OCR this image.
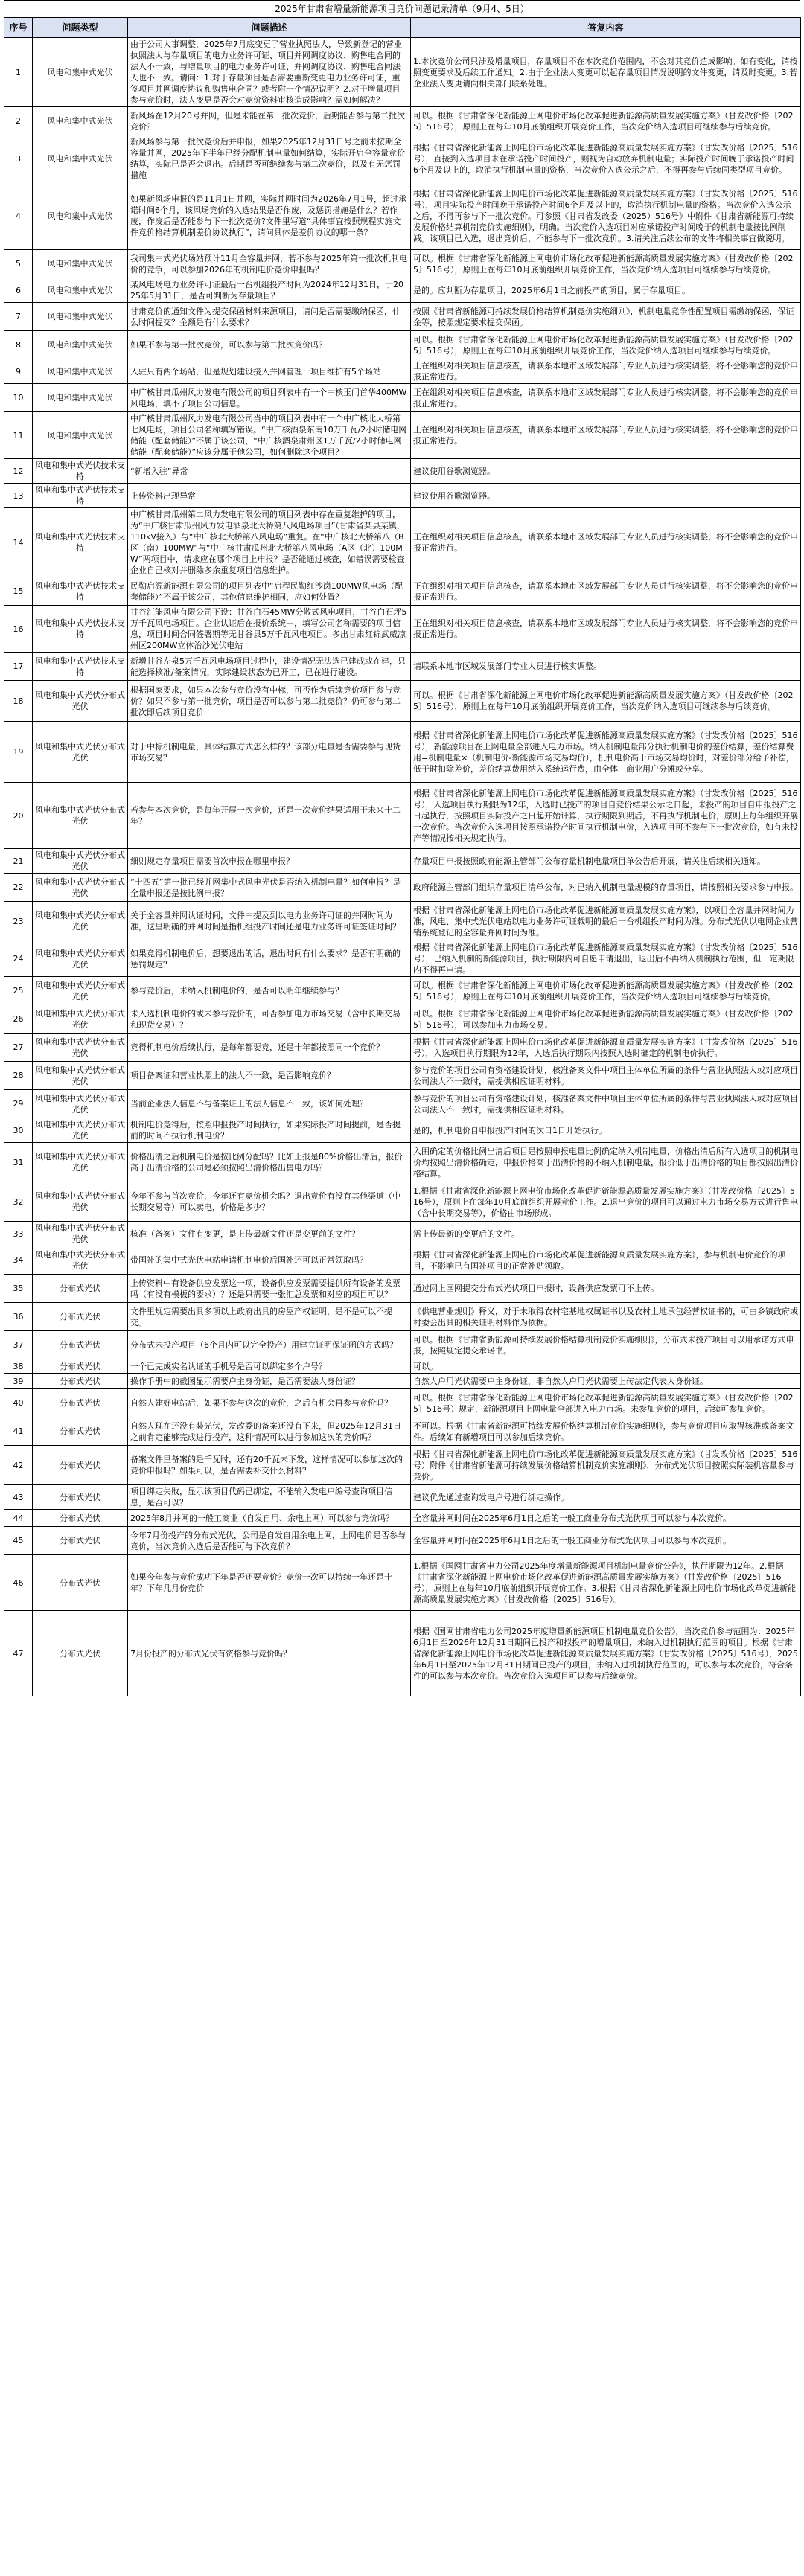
2025年甘肃省增量新能源项目竞价问题记录清单（9月4、5日）
序号	问题类型	问题描述	答复内容
1	风电和集中式光伏	由于公司人事调整，2025年7月底变更了营业执照法人，导致新登记的营业执照法人与存量项目的电力业务许可证、项目并网调度协议、购售电合同的法人不一致，与增量项目的电力业务许可证、并网调度协议、购售电合同法人也不一致。请问：1.对于存量项目是否需要重新变更电力业务许可证，重签项目并网调度协议和购售电合同？或者附一个情况说明？2.对于增量项目参与竞价时，法人变更是否会对竞价资料审核造成影响？需如何解决？	1.本次竞价公司只涉及增量项目，存量项目不在本次竞价范围内，不会对其竞价造成影响。如有变化，请按照变更要求及后续工作通知。2.由于企业法人变更可以起存量项目情况说明的文件变更，请及时变更。3.若企业法人变更请向相关部门联系处理。
2	风电和集中式光伏	新风场在12月20号并网，但是未能在第一批次竞价，后期能否参与第二批次竞价？	可以。根据《甘肃省深化新能源上网电价市场化改革促进新能源高质量发展实施方案》（甘发改价格〔2025〕516号），原则上在每年10月底前组织开展竞价工作，当次竞价纳入选项目可继续参与后续竞价。
3	风电和集中式光伏	新风场参与第一批次竞价后并申报，如果2025年12月31日号之前未按期全容量并网，2025年下半年已经分配机制电量如何结算，实际开启全容量竞价结算，实际已是否会退出。后期是否可继续参与第二次竞价，以及有无惩罚措施	根据《甘肃省深化新能源上网电价市场化改革促进新能源高质量发展实施方案》（甘发改价格〔2025〕516号），直接到入选项目未在承诺投产时间投产，则视为自动放弃机制电量；实际投产时间晚于承诺投产时间6个月及以上的，取消执行机制电量的资格，当次竞价入选公示之后，不得再参与后续同类型项目竞价。
4	风电和集中式光伏	如果新风场申报的是11月1日并网，实际并网时间为2026年7月1号，超过承诺时间6个月，该风场竞价的入选结果是否作废，及惩罚措施是什么？若作废，作废后是否能参与下一批次竞价?文件里写道“具体事宜按照规程实施文件竞价格结算机制差价协议执行”，请问具体是差价协议的哪一条？	根据《甘肃省深化新能源上网电价市场化改革促进新能源高质量发展实施方案》（甘发改价格〔2025〕516号），项目实际投产时间晚于承诺投产时间6个月及以上的，取消执行机制电量的资格。当次竞价入选公示之后，不得再参与下一批次竞价。可参照《甘肃省发改委（2025）516号》中附件《甘肃省新能源可持续发展价格结算机制竞价实施细则》，明确。当次竞价入选项目对应承诺投产时间晚于的机制电量按比例削减。该项目已入选，退出竞价后，不能参与下一批次竞价。3.请关注后续公布的文件将相关事宜做说明。
5	风电和集中式光伏	我司集中式光伏场站预计11月全容量并网，若不参与2025年第一批次机制电价的竞争，可以参加2026年的机制电价竞价申报吗？	可以。根据《甘肃省深化新能源上网电价市场化改革促进新能源高质量发展实施方案》（甘发改价格〔2025〕516号），原则上在每年10月底前组织开展竞价工作，当次竞价纳入选项目可继续参与后续竞价。
6	风电和集中式光伏	某风电场电力业务许可证最后一台机组投产时间为2024年12月31日，于2025年5月31日，是否可判断为存量项目？	是的。应判断为存量项目，2025年6月1日之前投产的项目，属于存量项目。
7	风电和集中式光伏	甘肃竞价的通知文件为提交保函材料来源项目，请问是否需要缴纳保函，什么时间提交？金额是有什么要求？	按照《甘肃省新能源可持续发展价格结算机制竞价实施细则》，机制电量竞争性配置项目需缴纳保函，保证金等，按照规定要求提交保函。
8	风电和集中式光伏	如果不参与第一批次竞价，可以参与第二批次竞价吗？	可以。根据《甘肃省深化新能源上网电价市场化改革促进新能源高质量发展实施方案》（甘发改价格〔2025〕516号），原则上在每年10月底前组织开展竞价工作，当次竞价纳入选项目可继续参与后续竞价。
9	风电和集中式光伏	入驻只有两个场站，但是规划建设接入并网管理一项目维护有5个场站	正在组织对相关项目信息核查，请联系本地市区域发展部门专业人员进行核实调整，将不会影响您的竞价申报正常进行。
10	风电和集中式光伏	中广核甘肃瓜州风力发电有限公司的项目列表中有一个中核玉门首华400MW风电场，填不了项目公司信息。	正在组织对相关项目信息核查，请联系本地市区域发展部门专业人员进行核实调整，将不会影响您的竞价申报正常进行。
11	风电和集中式光伏	中广核甘肃瓜州风力发电有限公司当中的项目列表中有一个中广核北大桥第七风电场，项目公司名称填写错误。“中广核酒泉东南10万千瓦/2小时储电网储能（配套储能）”不属于该公司，“中广核酒泉肃州区1万千瓦/2小时储电网储能（配套储能）”应该分属于他公司，如何删除这个项目？	正在组织对相关项目信息核查，请联系本地市区域发展部门专业人员进行核实调整，将不会影响您的竞价申报正常进行。
12	风电和集中式光伏技术支持	“新增入驻”异常	建议使用谷歌浏览器。
13	风电和集中式光伏技术支持	上传资料出现异常	建议使用谷歌浏览器。
14	风电和集中式光伏技术支持	中广核甘肃瓜州第二风力发电有限公司的项目列表中存在重复维护的项目，为“中广核甘肃瓜州风力发电酒泉北大桥第八风电场项目”（甘肃省某县某镇，110kV接入）与“中广核北大桥第八风电场”重复。在“中广核北大桥第八（B区（南）100MW”与“中广核甘肃瓜州北大桥第八风电场（A区（北）100MW”两项目中，请求应在哪个项目上申报？是否能通过核查，如错误需要检查企业自己核对并删除多余重复项目信息维护。	正在组织对相关项目信息核查，请联系本地市区域发展部门专业人员进行核实调整，将不会影响您的竞价申报正常进行。
15	风电和集中式光伏技术支持	民勤启源新能源有限公司的项目列表中“启程民勤红沙岗100MW风电场（配套储能）”不属于该公司，其他信息维护相同，应如何处置？	正在组织对相关项目信息核查，请联系本地市区域发展部门专业人员进行核实调整，将不会影响您的竞价申报正常进行。
16	风电和集中式光伏技术支持	甘谷汇能风电有限公司下设：甘谷白石45MW分散式风电项目，甘谷白石坪5万千瓦风电场项目。企业认证后在报价系统中，填写公司名称需要的项目信息，项目时间合同签署期等无甘谷县5万千瓦风电项目。多出甘肃红锦武威凉州区200MW立体治沙光伏电站	正在组织对相关项目信息核查，请联系本地市区域发展部门专业人员进行核实调整，将不会影响您的竞价申报正常进行。
17	风电和集中式光伏技术支持	新增甘谷左泉5万千瓦风电场项目过程中，建设情况无法选已建成或在建，只能选择核准/备案情况，实际建设状态为已开工，已在进行建设。	请联系本地市区域发展部门专业人员进行核实调整。
18	风电和集中式光伏分布式光伏	根据国家要求，如果本次参与竞价没有中标，可否作为后续竞价项目参与竞价？如果不参与第一批竞价，项目是否可以参与第二批竞价？仍可参与第二批次即后续项目竞价	可以。根据《甘肃省深化新能源上网电价市场化改革促进新能源高质量发展实施方案》（甘发改价格〔2025〕516号），原则上在每年10月底前组织开展竞价工作，当次竞价纳入选项目可继续参与后续竞价。
19	风电和集中式光伏分布式光伏	对于中标机制电量，具体结算方式怎么样的？该部分电量是否需要参与现货市场交易？	根据《甘肃省深化新能源上网电价市场化改革促进新能源高质量发展实施方案》（甘发改价格〔2025〕516号），新能源项目在上网电量全部进入电力市场。纳入机制电量部分执行机制电价的差价结算，差价结算费用=机制电量×（机制电价-新能源市场交易均价），机制电价高于市场交易均价时，对差价部分给予补偿，低于时扣除差价，差价结算费用纳入系统运行费，由全体工商业用户分摊或分享。
20	风电和集中式光伏分布式光伏	若参与本次竞价，是每年开展一次竞价，还是一次竞价结果适用于未来十二年？	根据《甘肃省深化新能源上网电价市场化改革促进新能源高质量发展实施方案》（甘发改价格〔2025〕516号），入选项目执行期限为12年，入选时已投产的项目自竞价结果公示之日起，未投产的项目自申报投产之日起执行，按照项目实际投产之日起开始计算，执行期限到期后，不再执行机制电价，原则上每年组织开展一次竞价。当次竞价入选项目按照承诺投产时间执行机制电价，入选项目可不参与下一批次竞价，如有未投产等情况按相关规定执行。
21	风电和集中式光伏分布式光伏	细则规定存量项目需要首次申报在哪里申报？	存量项目申报按照政府能源主管部门公布存量机制电量项目单公告后开展，请关注后续相关通知。
22	风电和集中式光伏分布式光伏	“十四五”第一批已经并网集中式风电光伏是否纳入机制电量？如何申报？是全量申报还是按比例申报？	政府能源主管部门组织存量项目清单公布，对已纳入机制电量规模的存量项目，请按照相关要求参与申报。
23	风电和集中式光伏分布式光伏	关于全容量并网认证时间，文件中提及到以电力业务许可证的并网时间为准，这里明确的并网时间是指机组投产时间还是电力业务许可证签证时间？	根据《甘肃省深化新能源上网电价市场化改革促进新能源高质量发展实施方案》，以项目全容量并网时间为准，风电、集中式光伏电站以电力业务许可证载明的最后一台机组投产时间为准。分布式光伏以电网企业营销系统登记的全容量并网时间为准。
24	风电和集中式光伏分布式光伏	如果竞得机制电价后，想要退出的话，退出时间有什么要求？是否有明确的惩罚规定？	根据《甘肃省深化新能源上网电价市场化改革促进新能源高质量发展实施方案》（甘发改价格〔2025〕516号），已纳入机制的新能源项目，执行期限内可自愿申请退出，退出后不再纳入机制执行范围，但一定期限内不得再申请。
25	风电和集中式光伏分布式光伏	参与竞价后，未纳入机制电价的，是否可以明年继续参与？	可以。根据《甘肃省深化新能源上网电价市场化改革促进新能源高质量发展实施方案》（甘发改价格〔2025〕516号），原则上在每年10月底前组织开展竞价工作，当次竞价纳入选项目可继续参与后续竞价。
26	风电和集中式光伏分布式光伏	未入选机制电价的或未参与竞价的，可否参加电力市场交易（含中长期交易和现货交易）？	可以。根据《甘肃省深化新能源上网电价市场化改革促进新能源高质量发展实施方案》（甘发改价格〔2025〕516号），可以参加电力市场交易。
27	风电和集中式光伏分布式光伏	竞得机制电价后续执行，是每年都要竞，还是十年都按照同一个竞价？	根据《甘肃省深化新能源上网电价市场化改革促进新能源高质量发展实施方案》（甘发改价格〔2025〕516号），入选项目执行期限为12年，入选后执行期限内按照入选时确定的机制电价执行。
28	风电和集中式光伏分布式光伏	项目备案证和营业执照上的法人不一致，是否影响竞价？	参与竞价的项目公司有资格建设计划，核准备案文件中项目主体单位所属的条件与营业执照法人或对应项目公司法人不一致时，需提供相应证明材料。
29	风电和集中式光伏分布式光伏	当前企业法人信息不与备案证上的法人信息不一致，该如何处理？	参与竞价的项目公司有资格建设计划，核准备案文件中项目主体单位所属的条件与营业执照法人或对应项目公司法人不一致时，需提供相应证明材料。
30	风电和集中式光伏分布式光伏	机制电价竞得后，按照申报投产时间执行，如果实际投产时间提前，是否提前的时间不执行机制电价？	是的，机制电价自申报投产时间的次日1日开始执行。
31	风电和集中式光伏分布式光伏	价格出清之后机制电价是按比例分配吗？比如上报是80%价格出清后，报价高于出清价格的公司是必须按照出清价格出售电力吗？	入围确定的价格比例出清后项目是按照申报电量比例确定纳入机制电量，价格出清后所有入选项目的机制电价均按照出清价格确定，申报价格高于出清价格的不纳入机制电量，报价低于出清价格的项目都按照出清价格结算。
32	风电和集中式光伏分布式光伏	今年不参与首次竞价，今年还有竞价机会吗？退出竞价有没有其他渠道（中长期交易等）可以卖电，价格是多少？	1.根据《甘肃省深化新能源上网电价市场化改革促进新能源高质量发展实施方案》（甘发改价格〔2025〕516号），原则上在每年10月底前组织开展竞价工作。2.退出竞价的项目可以通过电力市场交易方式进行售电（含中长期交易等），价格由市场形成。
33	风电和集中式光伏分布式光伏	核准（备案）文件有变更，是上传最新文件还是变更前的文件？	需上传最新的变更后的文件。
34	风电和集中式光伏分布式光伏	带国补的集中式光伏电站申请机制电价后国补还可以正常领取吗？	根据《甘肃省深化新能源上网电价市场化改革促进新能源高质量发展实施方案》，参与机制电价竞价的项目，不影响已有国补项目的正常补贴领取。
35	分布式光伏	上传资料中有设备供应发票这一项，设备供应发票需要提供所有设备的发票吗（有没有模板的要求）？还是只需要一张汇总发票和对应的项目可以？	通过网上国网提交分布式光伏项目申报时，设备供应发票可不上传。
36	分布式光伏	文件里规定需要出具多项以上政府出具的房屋产权证明，是不是可以不提交。	《供电营业规则》释义，对于未取得农村宅基地权属证书以及农村土地承包经营权证书的，可由乡镇政府或村委会出具的相关证明材料作为依据。
37	分布式光伏	分布式未投产项目（6个月内可以完全投产）用建立证明保证函的方式吗？	可以。根据《甘肃省新能源可持续发展价格结算机制竞价实施细则》，分布式未投产项目可以用承诺方式申报，按照规定提交承诺书。
38	分布式光伏	一个已完成实名认证的手机号是否可以绑定多个户号？	可以。
39	分布式光伏	操作手册中的截图显示需要户主身份证，是否需要法人身份证？	自然人户用光伏需要户主身份证，非自然人户用光伏需要上传法定代表人身份证。
40	分布式光伏	自然人建好电站后，如果不参与这次的竞价，之后有机会再参与竞价吗？	可以。根据《甘肃省深化新能源上网电价市场化改革促进新能源高质量发展实施方案》（甘发改价格〔2025〕516号）规定，新能源项目上网电量全部进入电力市场。未参加竞价的项目，后续可参加竞价。
41	分布式光伏	自然人现在还没有装光伏，发改委的备案还没有下来，但2025年12月31日之前肯定能够完成进行投产，这种情况可以进行参加这次的竞价吗？	不可以。根据《甘肃省新能源可持续发展价格结算机制竞价实施细则》，参与竞价项目应取得核准或备案文件。后续如有新增项目可以参加后续竞价。
42	分布式光伏	备案文件里备案的是千瓦时，还有20千瓦未下发，这样情况可以参加这次的竞价申报吗？如果可以，是否需要补交什么材料？	根据《甘肃省深化新能源上网电价市场化改革促进新能源高质量发展实施方案》（甘发改价格〔2025〕516号）附件《甘肃省新能源可持续发展价格结算机制竞价实施细则》，分布式光伏项目按照实际装机容量参与竞价。
43	分布式光伏	项目绑定失败，显示该项目代码已绑定，不能输入发电户编号查询项目信息，是否可以？	建议优先通过查询发电户号进行绑定操作。
44	分布式光伏	2025年8月并网的一般工商业（自发自用、余电上网）可以参与竞价吗？	全容量并网时间在2025年6月1日之后的一般工商业分布式光伏项目可以参与本次竞价。
45	分布式光伏	今年7月份投产的分布式光伏，公司是自发自用余电上网，上网电价是否参与竞价，当次竞价入选后是否能可与下次竞价？	全容量并网时间在2025年6月1日之后的一般工商业分布式光伏项目可以参与本次竞价。
46	分布式光伏	如果今年参与竞价成功下年是否还要竞价？竞价一次可以持续一年还是十年？下年几月份竞价	1.根据《国网甘肃省电力公司2025年度增量新能源项目机制电量竞价公告》，执行期限为12年。2.根据《甘肃省深化新能源上网电价市场化改革促进新能源高质量发展实施方案》（甘发改价格〔2025〕516号），原则上在每年10月底前组织开展竞价工作。3.根据《甘肃省深化新能源上网电价市场化改革促进新能源高质量发展实施方案》（甘发改价格〔2025〕516号）。
47	分布式光伏	7月份投产的分布式光伏有资格参与竞价吗？	根据《国网甘肃省电力公司2025年度增量新能源项目机制电量竞价公告》，当次竞价参与范围为：2025年6月1日至2026年12月31日期间已投产和拟投产的增量项目，未纳入过机制执行范围的项目。根据《甘肃省深化新能源上网电价市场化改革促进新能源高质量发展实施方案》（甘发改价格〔2025〕516号），2025年6月1日至2025年12月31日期间已投产的项目，未纳入过机制执行范围的，可以参与本次竞价，符合条件的可以参与本次竞价。当次竞价入选项目可以参与后续竞价。
